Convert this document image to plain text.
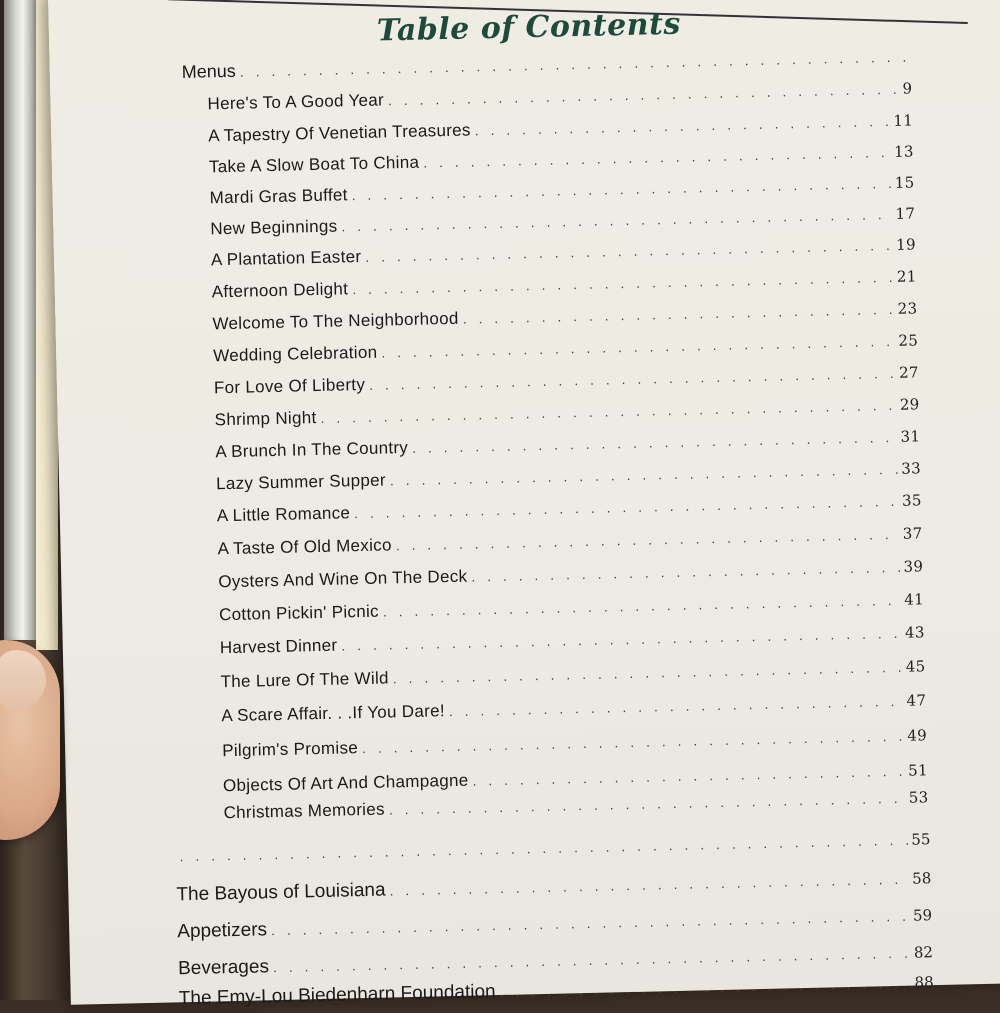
Table of Contents
Menus
. . .
Here's To A Good Year
. . .
9
A Tapestry Of Venetian Treasures . . .	11
Take A Slow Boat To China
. . .
13
Mardi Gras Buffet
. . .
15
New Beginnings
. . .
17
A Plantation Easter
. . .
19
Afternoon Delight
. . .
21
Welcome To The Neighborhood
. . .
23
Wedding Celebration
. . .
25
For Love Of Liberty
. . .
27
Shrimp Night
. . .
29
A Brunch In The Country
. . .
31
Lazy Summer Supper
. . .
33
A Little Romance
. . .
35
A Taste Of Old Mexico
. . .
37
Oysters And Wine On The Deck
. . .
39
Cotton Pickin' Picnic
. . .
41
Harvest Dinner
. . .
43
The Lure Of The Wild
. . .
45
A Scare Affair. . .If You Dare!
. . .
47
Pilgrim's Promise
. . .
49
Objects Of Art And Champagne
. . .
51
Christmas Memories
. . .
53
. . .
55
The Bayous of Louisiana
. . .
58
Appetizers
. . .
59
Beverages
. . .
82
The Emy-Lou Biedenharn Foundation . . .	88
